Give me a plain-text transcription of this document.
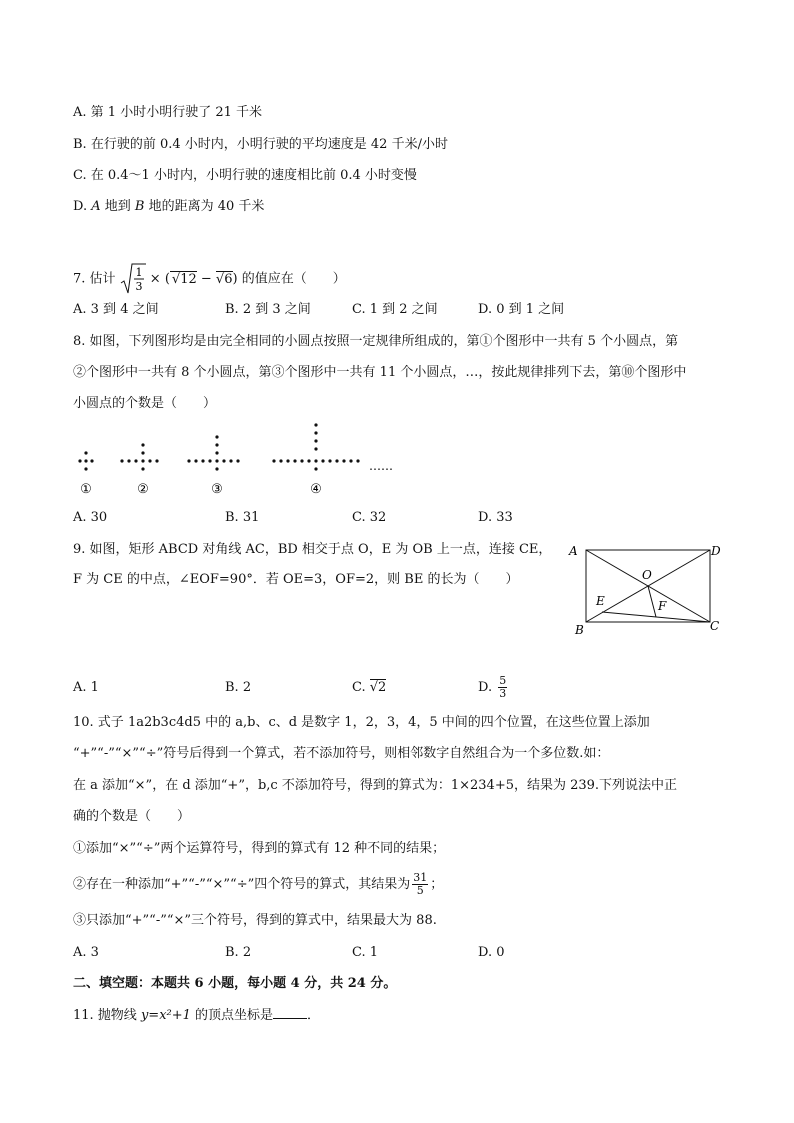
A. 第 1 小时小明行驶了 21 千米
B. 在行驶的前 0.4 小时内，小明行驶的平均速度是 42 千米/小时
C. 在 0.4～1 小时内，小明行驶的速度相比前 0.4 小时变慢
D. A 地到 B 地的距离为 40 千米
7. 估计 1
3 × ( √12 − √6) 的值应在（　　）
A. 3 到 4 之间	B. 2 到 3 之间	C. 1 到 2 之间	D. 0 到 1 之间
8. 如图，下列图形均是由完全相同的小圆点按照一定规律所组成的，第①个图形中一共有 5 个小圆点，第
②个图形中一共有 8 个小圆点，第③个图形中一共有 11 个小圆点，…，按此规律排列下去，第⑩个图形中
小圆点的个数是（　　）
……
①	②	③	④
A. 30	B. 31	C. 32	D. 33
9. 如图，矩形 ABCD 对角线 AC，BD 相交于点 O，E 为 OB 上一点，连接 CE，
F 为 CE 的中点，∠EOF=90°．若 OE=3，OF=2，则 BE 的长为（　　）
A	D
O
E	F
B	C
A. 1	B. 2	C. √2	D. $\frac{5}{3}$
10. 式子 1a2b3c4d5 中的 a,b、c、d 是数字 1，2，3，4，5 中间的四个位置，在这些位置上添加
“+”“-”“×”“÷”符号后得到一个算式，若不添加符号，则相邻数字自然组合为一个多位数.如：
在 a 添加“×”，在 d 添加“+”，b,c 不添加符号，得到的算式为：1×234+5，结果为 239.下列说法中正
确的个数是（　　）
①添加“×”“÷”两个运算符号，得到的算式有 12 种不同的结果；
②存在一种添加“+”“-”“×”“÷”四个符号的算式，其结果为 $\frac{31}{5}$ ；
③只添加“+”“-”“×”三个符号，得到的算式中，结果最大为 88.
A. 3	B. 2	C. 1	D. 0
二、填空题：本题共 6 小题，每小题 4 分，共 24 分。
11. 抛物线 y=x²+1 的顶点坐标是	．
